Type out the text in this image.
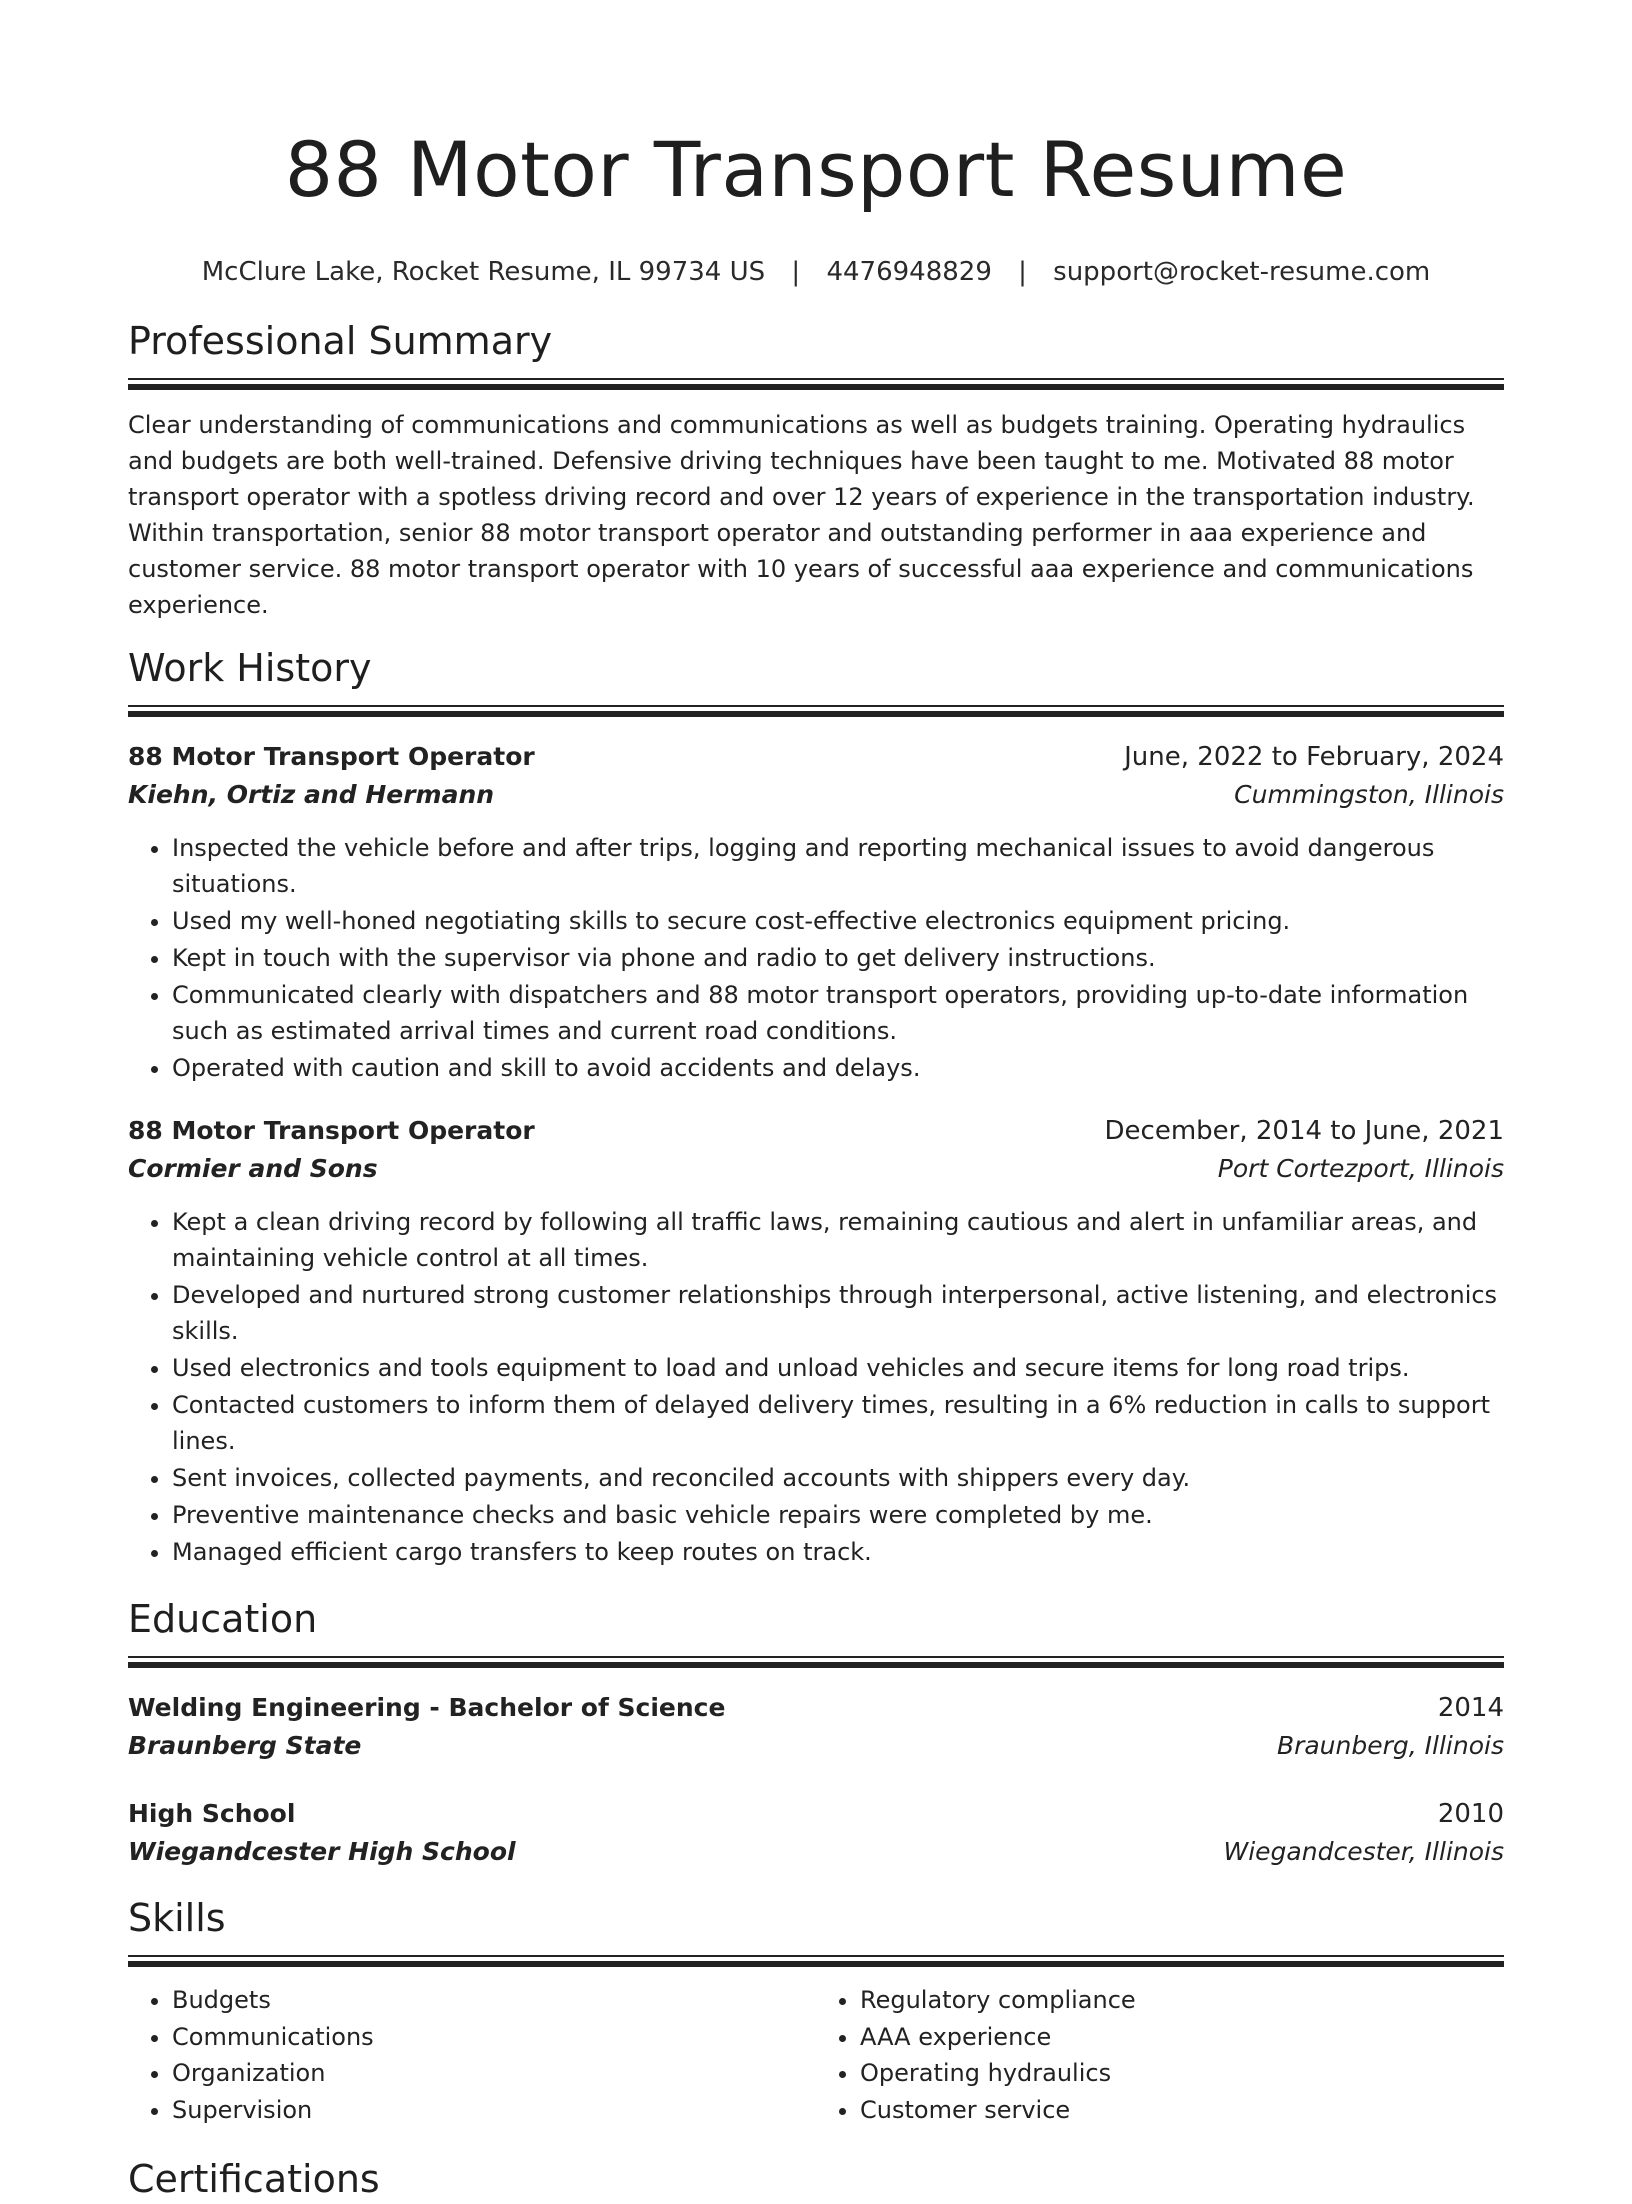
88 Motor Transport Resume
McClure Lake, Rocket Resume, IL 99734 US | 4476948829 | support@rocket-resume.com
Professional Summary

Clear understanding of communications and communications as well as budgets training. Operating hydraulics and budgets are both well-trained. Defensive driving techniques have been taught to me. Motivated 88 motor transport operator with a spotless driving record and over 12 years of experience in the transportation industry. Within transportation, senior 88 motor transport operator and outstanding performer in aaa experience and customer service. 88 motor transport operator with 10 years of successful aaa experience and communications experience.

Work History
88 Motor Transport Operator	June, 2022 to February, 2024
Kiehn, Ortiz and Hermann	Cummingston, Illinois
• Inspected the vehicle before and after trips, logging and reporting mechanical issues to avoid dangerous situations.
• Used my well-honed negotiating skills to secure cost-effective electronics equipment pricing.
• Kept in touch with the supervisor via phone and radio to get delivery instructions.
• Communicated clearly with dispatchers and 88 motor transport operators, providing up-to-date information such as estimated arrival times and current road conditions.
• Operated with caution and skill to avoid accidents and delays.
88 Motor Transport Operator	December, 2014 to June, 2021
Cormier and Sons	Port Cortezport, Illinois
• Kept a clean driving record by following all traffic laws, remaining cautious and alert in unfamiliar areas, and maintaining vehicle control at all times.
• Developed and nurtured strong customer relationships through interpersonal, active listening, and electronics skills.
• Used electronics and tools equipment to load and unload vehicles and secure items for long road trips.
• Contacted customers to inform them of delayed delivery times, resulting in a 6% reduction in calls to support lines.
• Sent invoices, collected payments, and reconciled accounts with shippers every day.
• Preventive maintenance checks and basic vehicle repairs were completed by me.
• Managed efficient cargo transfers to keep routes on track.
Education
Welding Engineering - Bachelor of Science	2014
Braunberg State	Braunberg, Illinois
High School	2010
Wiegandcester High School	Wiegandcester, Illinois
Skills
• Budgets
• Communications
• Organization
• Supervision
• Regulatory compliance
• AAA experience
• Operating hydraulics
• Customer service
Certifications
